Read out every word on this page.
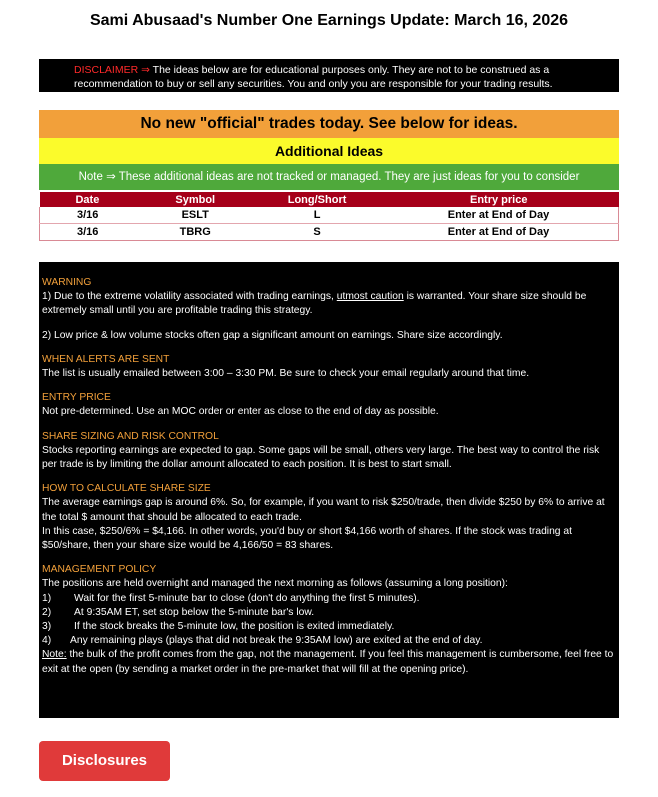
Sami Abusaad's Number One Earnings Update: March 16, 2026
DISCLAIMER ⇒ The ideas below are for educational purposes only. They are not to be construed as a recommendation to buy or sell any securities. You and only you are responsible for your trading results.
No new "official" trades today. See below for ideas.
Additional Ideas
Note ⇒ These additional ideas are not tracked or managed. They are just ideas for you to consider
Date	Symbol	Long/Short	Entry price
3/16	ESLT	L	Enter at End of Day
3/16	TBRG	S	Enter at End of Day

WARNING

1) Due to the extreme volatility associated with trading earnings, utmost caution is warranted. Your share size should be extremely small until you are profitable trading this strategy.

2) Low price & low volume stocks often gap a significant amount on earnings. Share size accordingly.

WHEN ALERTS ARE SENT

The list is usually emailed between 3:00 – 3:30 PM. Be sure to check your email regularly around that time.

ENTRY PRICE

Not pre-determined. Use an MOC order or enter as close to the end of day as possible.

SHARE SIZING AND RISK CONTROL

Stocks reporting earnings are expected to gap. Some gaps will be small, others very large. The best way to control the risk per trade is by limiting the dollar amount allocated to each position. It is best to start small.

HOW TO CALCULATE SHARE SIZE

The average earnings gap is around 6%. So, for example, if you want to risk $250/trade, then divide $250 by 6% to arrive at the total $ amount that should be allocated to each trade.

In this case, $250/6% = $4,166. In other words, you'd buy or short $4,166 worth of shares. If the stock was trading at $50/share, then your share size would be 4,166/50 = 83 shares.

MANAGEMENT POLICY

The positions are held overnight and managed the next morning as follows (assuming a long position):

1) Wait for the first 5-minute bar to close (don't do anything the first 5 minutes).

2) At 9:35AM ET, set stop below the 5-minute bar's low.

3) If the stock breaks the 5-minute low, the position is exited immediately.

4) Any remaining plays (plays that did not break the 9:35AM low) are exited at the end of day.

Note: the bulk of the profit comes from the gap, not the management. If you feel this management is cumbersome, feel free to exit at the open (by sending a market order in the pre-market that will fill at the opening price).

Disclosures
